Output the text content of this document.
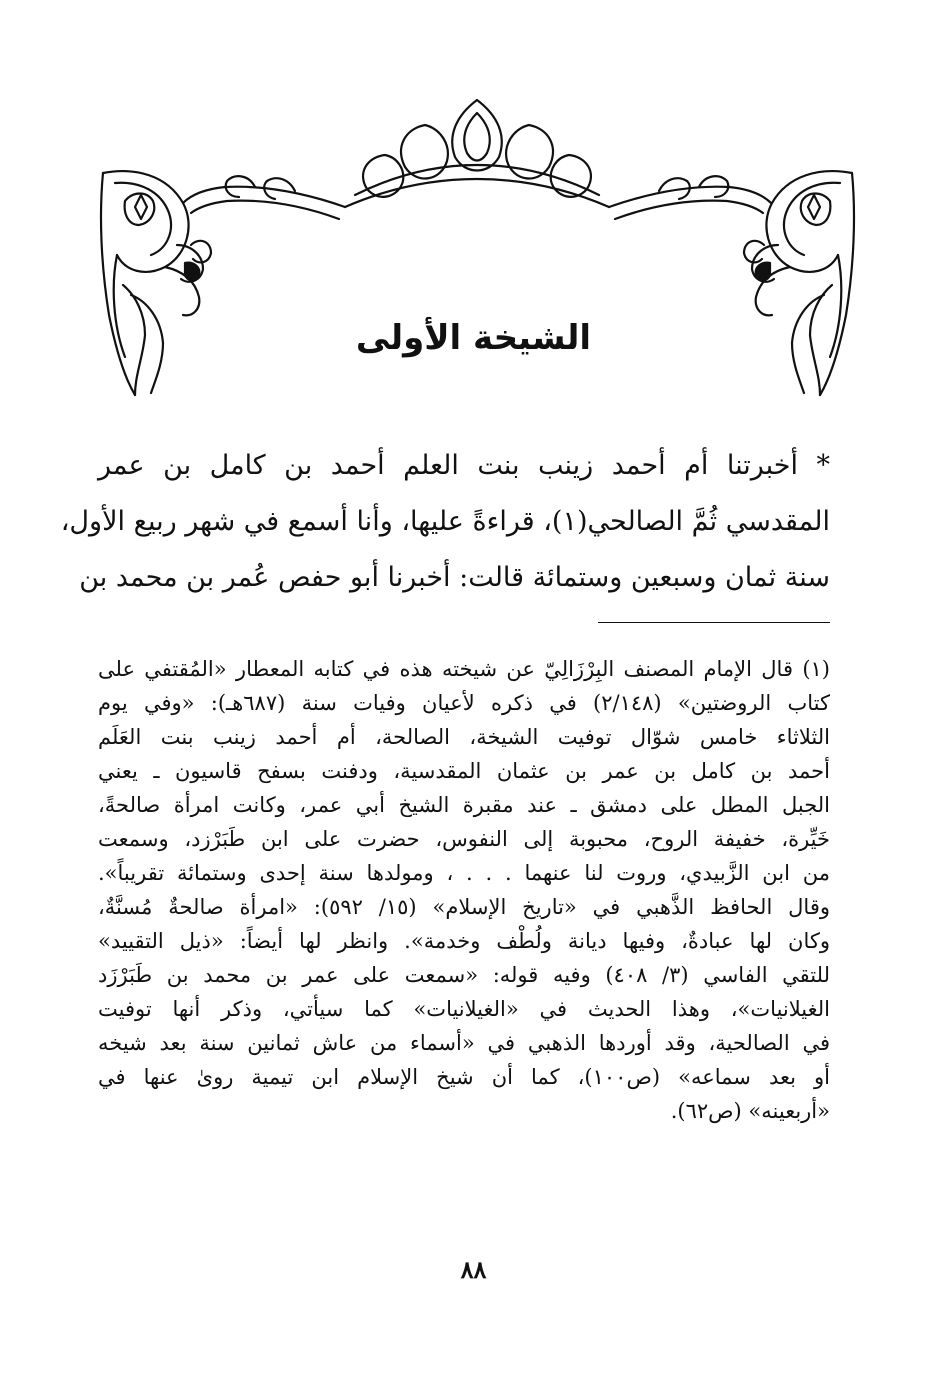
الشيخة الأولى
* أخبرتنا أم أحمد زينب بنت العلم أحمد بن كامل بن عمر
المقدسي ثُمَّ الصالحي(١)، قراءةً عليها، وأنا أسمع في شهر ربيع الأول،
سنة ثمان وسبعين وستمائة قالت: أخبرنا أبو حفص عُمر بن محمد بن
(١) قال الإمام المصنف البِرْزَالِيّ عن شيخته هذه في كتابه المعطار «المُقتفي على
كتاب الروضتين» (٢/١٤٨) في ذكره لأعيان وفيات سنة (٦٨٧هـ): «وفي يوم
الثلاثاء خامس شوّال توفيت الشيخة، الصالحة، أم أحمد زينب بنت العَلَم
أحمد بن كامل بن عمر بن عثمان المقدسية، ودفنت بسفح قاسيون ـ يعني
الجبل المطل على دمشق ـ عند مقبرة الشيخ أبي عمر، وكانت امرأة صالحةً،
خَيِّرة، خفيفة الروح، محبوبة إلى النفوس، حضرت على ابن طَبَرْزد، وسمعت
من ابن الزَّبيدي، وروت لنا عنهما . . . ، ومولدها سنة إحدى وستمائة تقريباً».
وقال الحافظ الذَّهبي في «تاريخ الإسلام» (١٥/ ٥٩٢): «امرأة صالحةٌ مُسنَّةٌ،
وكان لها عبادةٌ، وفيها ديانة ولُطْف وخدمة». وانظر لها أيضاً: «ذيل التقييد»
للتقي الفاسي (٣/ ٤٠٨) وفيه قوله: «سمعت على عمر بن محمد بن طَبَرْزَد
الغيلانيات»، وهذا الحديث في «الغيلانيات» كما سيأتي، وذكر أنها توفيت
في الصالحية، وقد أوردها الذهبي في «أسماء من عاش ثمانين سنة بعد شيخه
أو بعد سماعه» (ص١٠٠)، كما أن شيخ الإسلام ابن تيمية روىٰ عنها في
«أربعينه» (ص٦٢).
٨٨
